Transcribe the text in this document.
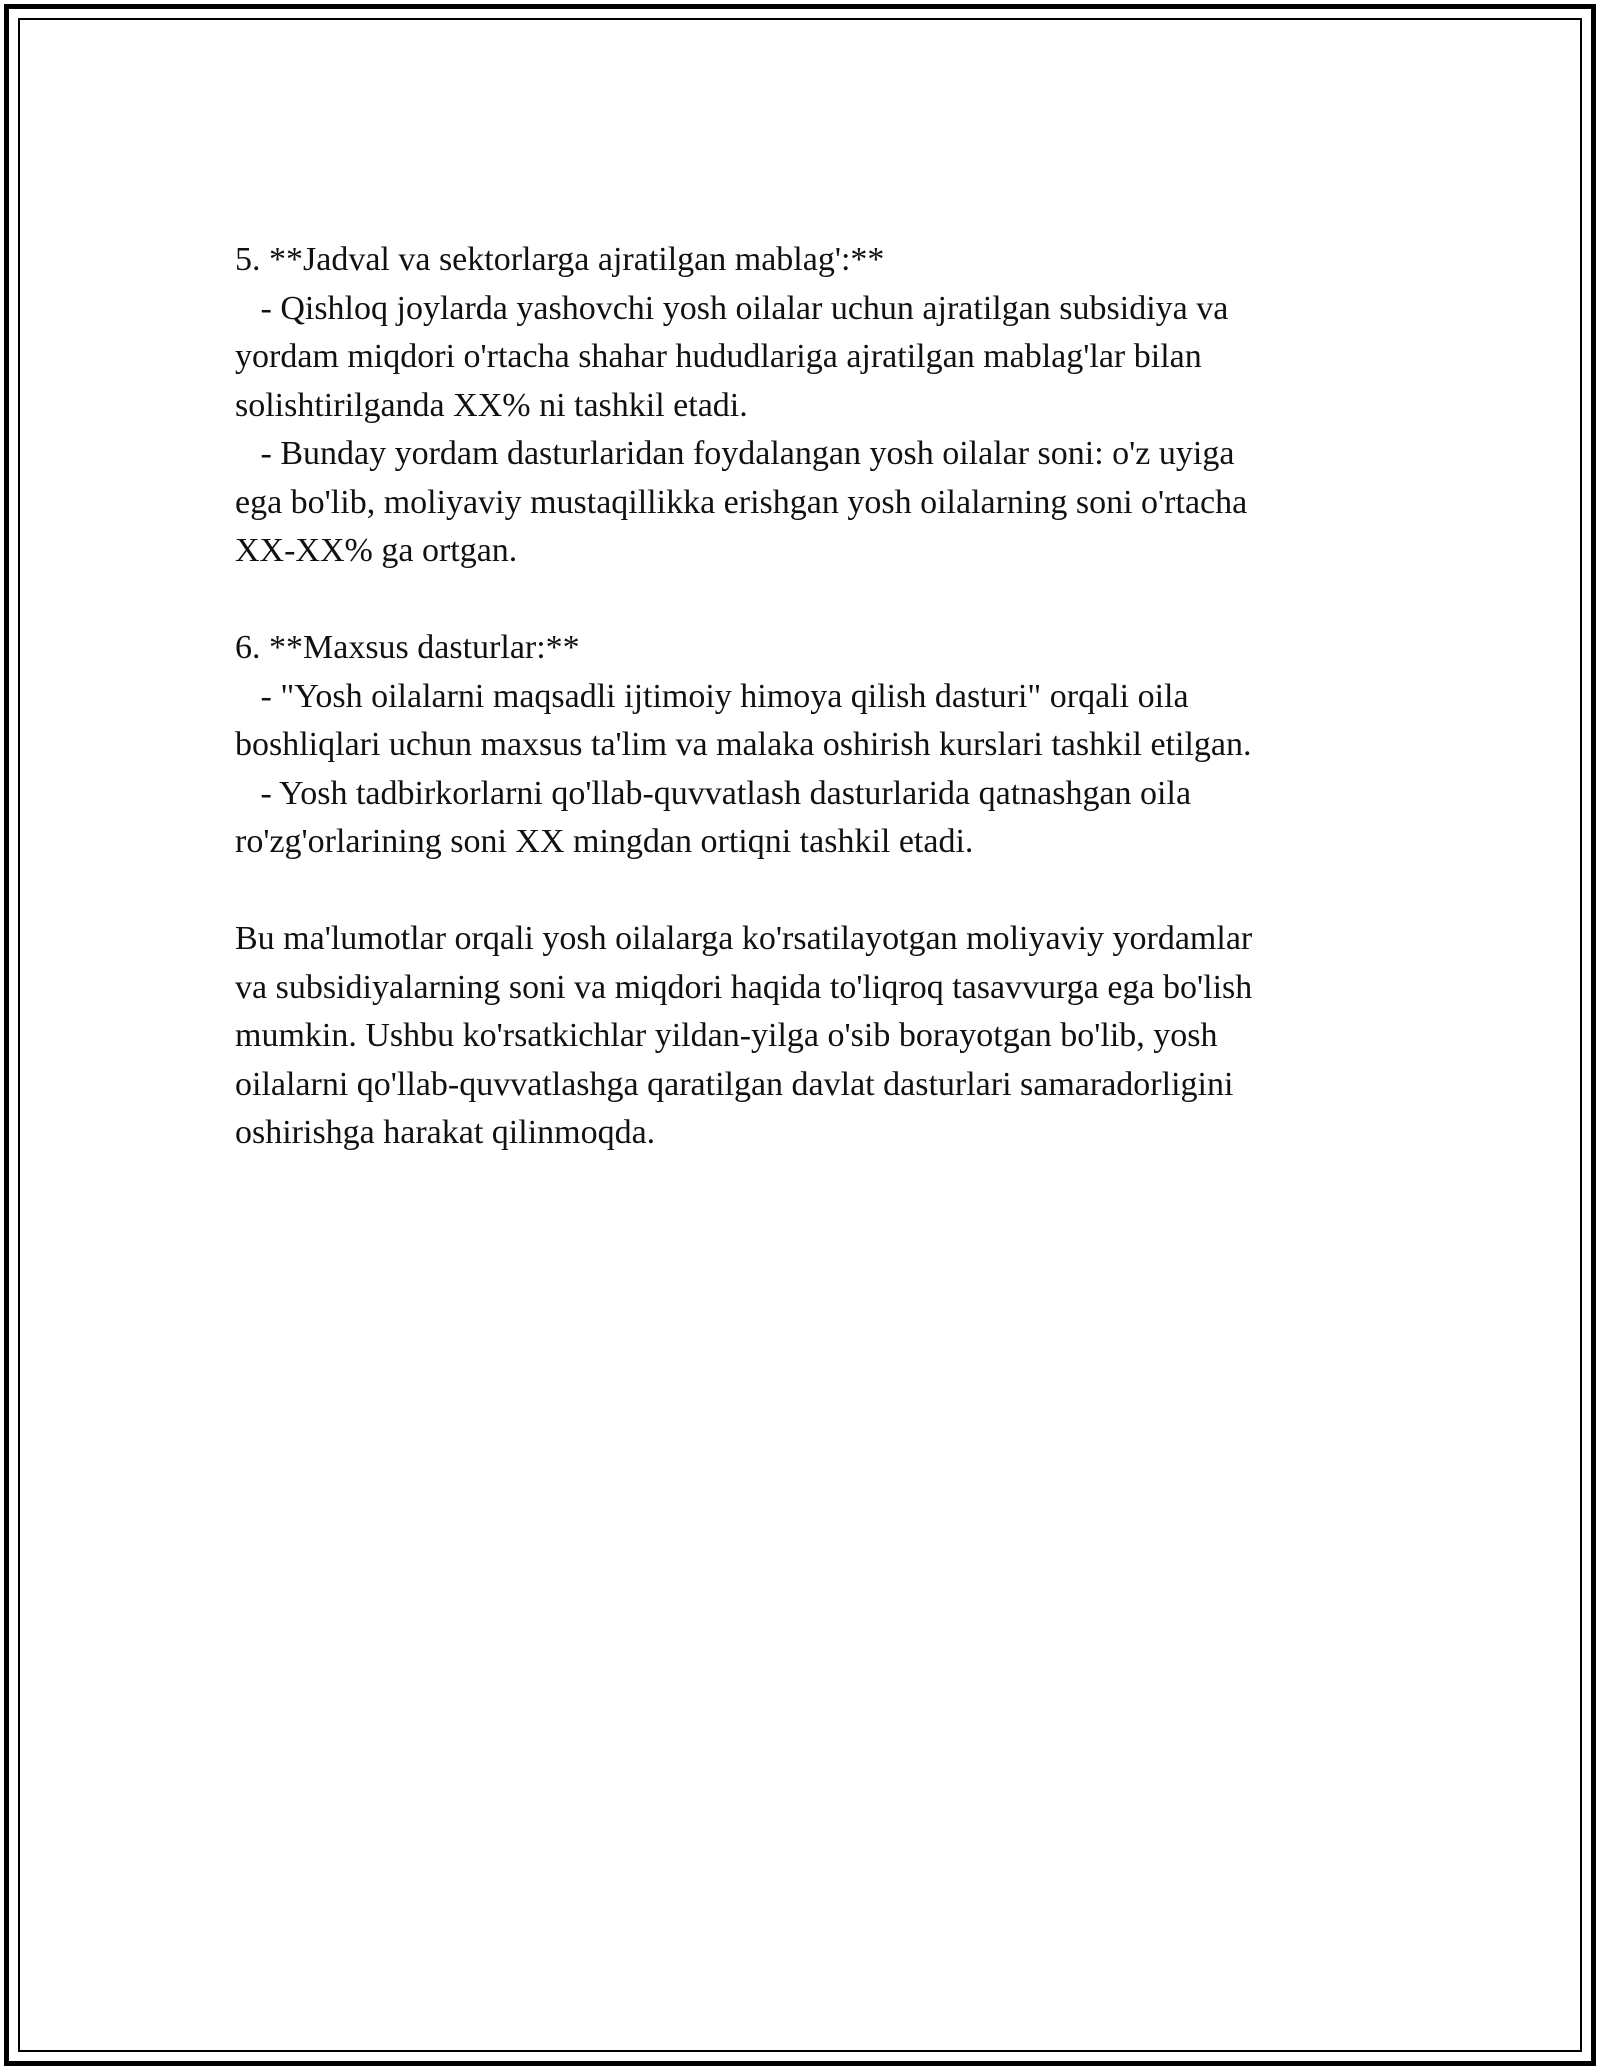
5. **Jadval va sektorlarga ajratilgan mablag':**
- Qishloq joylarda yashovchi yosh oilalar uchun ajratilgan subsidiya va
yordam miqdori o'rtacha shahar hududlariga ajratilgan mablag'lar bilan
solishtirilganda XX% ni tashkil etadi.
- Bunday yordam dasturlaridan foydalangan yosh oilalar soni: o'z uyiga
ega bo'lib, moliyaviy mustaqillikka erishgan yosh oilalarning soni o'rtacha
XX-XX% ga ortgan.
6. **Maxsus dasturlar:**
- "Yosh oilalarni maqsadli ijtimoiy himoya qilish dasturi" orqali oila
boshliqlari uchun maxsus ta'lim va malaka oshirish kurslari tashkil etilgan.
- Yosh tadbirkorlarni qo'llab-quvvatlash dasturlarida qatnashgan oila
ro'zg'orlarining soni XX mingdan ortiqni tashkil etadi.
Bu ma'lumotlar orqali yosh oilalarga ko'rsatilayotgan moliyaviy yordamlar
va subsidiyalarning soni va miqdori haqida to'liqroq tasavvurga ega bo'lish
mumkin. Ushbu ko'rsatkichlar yildan-yilga o'sib borayotgan bo'lib, yosh
oilalarni qo'llab-quvvatlashga qaratilgan davlat dasturlari samaradorligini
oshirishga harakat qilinmoqda.
